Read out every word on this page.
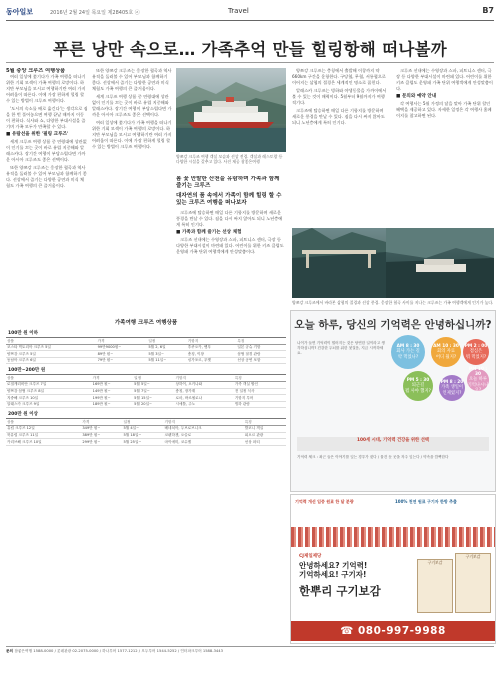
동아일보	2016년 2월 24일 목요일 제28405호 ⓐ	Travel	B7
푸른 낭만 속으로… 가족추억 만들 힐링항해 떠나볼까
5월 중앙 크루즈 여행상품

여러 일상에 쫓기다가 가족 여행을 떠나기 위한 기회 모색이 가족 여행의 로망이다. 하지만 부모님을 모시고 여행하기란 여러 가지 어려움이 따른다. 이에 가장 편하게 힐링 할 수 있는 방법이 크루즈 여행이다.

'도시의 숙소를 배로 옮긴다'는 생각으로 짐을 한 번 풀어놓으면 여행 끝날 때까지 이동이 편하다. 식사와 쇼, 다양한 부대시설을 즐기며 가족 모두가 만족할 수 있다.

■ 유람선을 위한 '필링 크루즈'

세계 크루즈 여행 상품 중 연령대에 상관없이 인기를 끄는 곳이 바로 유럽 지중해와 알래스카다. 장기간 여행이 부담스럽다면 가까운 아시아 크루즈도 좋은 선택이다.

또한 양쯔강 크루즈는 웅장한 협곡과 역사 유적을 둘러볼 수 있어 부모님과 함께하기 좋다. 선상에서 즐기는 다양한 공연과 미식 체험도 가족 여행의 큰 즐거움이다.

또한 양쯔강 크루즈는 웅장한 협곡과 역사 유적을 둘러볼 수 있어 부모님과 함께하기 좋다. 선상에서 즐기는 다양한 공연과 미식 체험도 가족 여행의 큰 즐거움이다.

세계 크루즈 여행 상품 중 연령대에 상관없이 인기를 끄는 곳이 바로 유럽 지중해와 알래스카다. 장기간 여행이 부담스럽다면 가까운 아시아 크루즈도 좋은 선택이다.

여러 일상에 쫓기다가 가족 여행을 떠나기 위한 기회 모색이 가족 여행의 로망이다. 하지만 부모님을 모시고 여행하기란 여러 가지 어려움이 따른다. 이에 가장 편하게 힐링 할 수 있는 방법이 크루즈 여행이다.

양쯔강 크루즈 여행 객실 모습과 선상 전경. 객실과 레스토랑 등 다양한 시설을 갖추고 있다. 사진 제공 참좋은여행
봄 꽃 만발한 산천을 유람하며 가족과 함께 즐기는 크루즈
대자연의 품 속에서 가족이 함께 힐링 할 수 있는 크루즈 여행을 떠나보자

크루즈에 탑승하면 매일 다른 기항지를 방문하며 새로운 풍경을 만날 수 있다. 짐을 다시 싸지 않아도 되니 노년층에게 특히 인기다.

■ 가족과 함께 즐기는 선상 체험

크루즈 선내에는 수영장과 스파, 피트니스 센터, 극장 등 다양한 부대시설이 마련돼 있다. 어린이를 위한 키즈 클럽도 운영돼 가족 단위 여행객에게 안성맞춤이다.

양쯔강 크루즈는 충칭에서 출발해 이창까지 약 660km 구간을 운항한다. 구당협, 무협, 서릉협으로 이어지는 삼협의 절경은 세계적인 명소로 꼽힌다.

알래스카 크루즈는 빙하와 야생동물을 가까이에서 볼 수 있는 것이 매력이다. 5월부터 9월까지가 여행 적기다.

크루즈에 탑승하면 매일 다른 기항지를 방문하며 새로운 풍경을 만날 수 있다. 짐을 다시 싸지 않아도 되니 노년층에게 특히 인기다.

크루즈 선내에는 수영장과 스파, 피트니스 센터, 극장 등 다양한 부대시설이 마련돼 있다. 어린이를 위한 키즈 클럽도 운영돼 가족 단위 여행객에게 안성맞춤이다.

■ 문의와 예약 안내

각 여행사는 5월 가정의 달을 맞아 가족 단위 할인 혜택을 제공하고 있다. 자세한 일정은 각 여행사 홈페이지를 참고하면 된다.

양쯔강 크루즈에서 바라본 삼협의 절경과 선상 풍경. 웅장한 협곡 사이를 지나는 크루즈는 가족 여행객에게 인기가 높다.
가족여행 크루즈 여행상품
100만 원 이하
상품	가격	일정	기항지	특징
코스타 빅토리아 크루즈 5일	99만9000원~	5월 2, 6일	후쿠오카, 벳푸	일본 규슈 기항
양쯔강 크루즈 5일	89만 원~	5월 3일~	충칭, 이창	삼협 절경 관람
동남아 크루즈 6일	79만 원~	5월 11일~	싱가포르, 푸껫	선상 공연 포함
100만~200만 원
상품	가격	일정	기항지	특징
로열캐리비안 크루즈 7일	169만 원~	5월 5일~	상하이, 오키나와	가족 객실 할인
양쯔강 삼협 크루즈 8일	149만 원~	5월 7일~	충칭, 장가계	전 일정 식사
지중해 크루즈 10일	199만 원~	5월 15일~	로마, 바르셀로나	기항지 투어
알래스카 크루즈 9일	189만 원~	5월 20일~	시애틀, 주노	빙하 관람
200만 원 이상
상품	가격	일정	기항지	특징
유럽 크루즈 12일	349만 원~	5월 4일~	베네치아, 두브로브니크	발코니 객실
북유럽 크루즈 11일	389만 원~	5월 18일~	코펜하겐, 오슬로	피오르 관광
카리브해 크루즈 10일	299만 원~	5월 25일~	마이애미, 코수멜	선상 파티
오늘 하루, 당신의 기억력은 안녕하십니까?
나이가 들면 기억력이 떨어지는 것은 당연한 일이라고 생각하십니까? 건강한 두뇌를 위한 첫걸음, 지금 시작하세요.
AM 8 : 30
회사 가는 길
약 먹었나?
AM 10 : 30
회의 자료
어디 뒀지?
PM 2 : 00
점심은
뭐 먹었지?
PM 5 : 30
퇴근길
뭘 사야 했지?
PM 8 : 20
가족 생일이
언제였지?
PM 10 : 30
오늘 하루
기억나시나요?
100세 시대, 기억력 건강을 위한 선택
기억력 체크 : 최근 들은 이야기를 잊는 경우가 잦다 / 물건 둔 곳을 자주 잊는다 / 약속을 깜빡한다
기억력 개선 입증 원료 한 달 분량	100% 천연 원료 구기자 한방 추출
CJ제일제당
안녕하세요? 기억력!
기억하세요! 구기자!
한뿌리 구기보감
구기보감
구기보감
☎ 080-997-9988
문의 참좋은여행 1588-0000 / 롯데관광 02-2075-0000 / 하나투어 1577-1212 / 모두투어 1544-5252 / 인터파크투어 1588-3443
